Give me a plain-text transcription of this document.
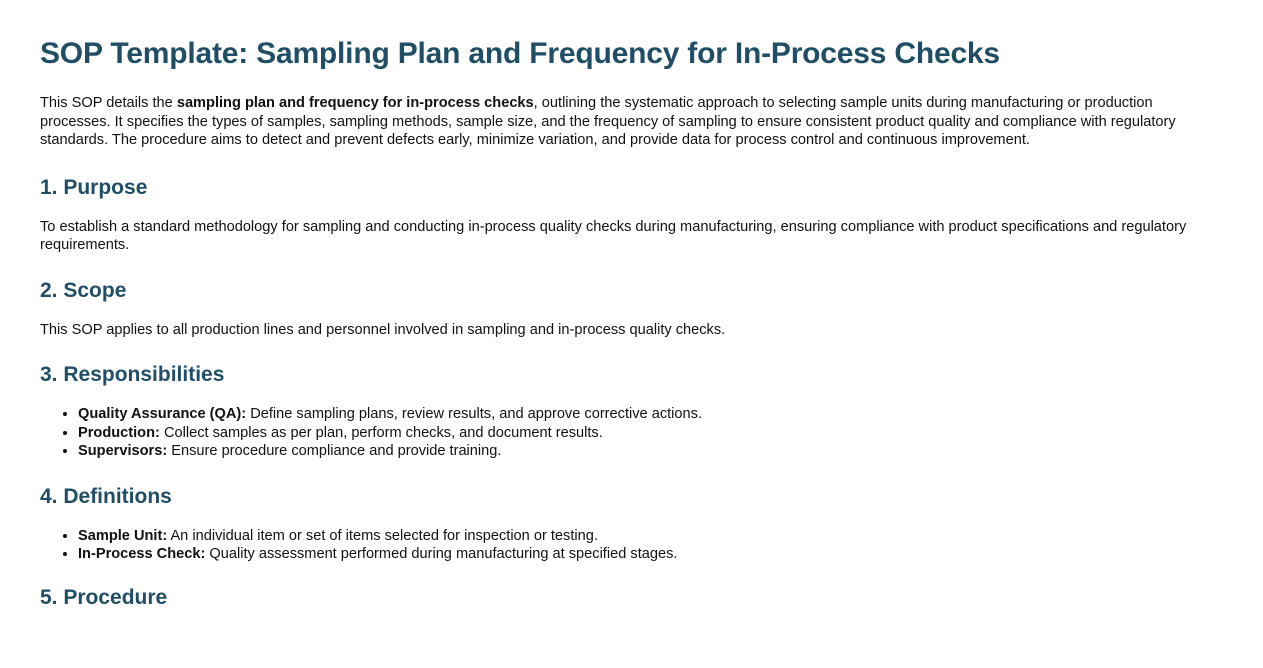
SOP Template: Sampling Plan and Frequency for In-Process Checks

This SOP details the sampling plan and frequency for in-process checks, outlining the systematic approach to selecting sample units during manufacturing or production processes. It specifies the types of samples, sampling methods, sample size, and the frequency of sampling to ensure consistent product quality and compliance with regulatory standards. The procedure aims to detect and prevent defects early, minimize variation, and provide data for process control and continuous improvement.

1. Purpose

To establish a standard methodology for sampling and conducting in-process quality checks during manufacturing, ensuring compliance with product specifications and regulatory requirements.

2. Scope

This SOP applies to all production lines and personnel involved in sampling and in-process quality checks.

3. Responsibilities
• Quality Assurance (QA): Define sampling plans, review results, and approve corrective actions.
• Production: Collect samples as per plan, perform checks, and document results.
• Supervisors: Ensure procedure compliance and provide training.
4. Definitions
• Sample Unit: An individual item or set of items selected for inspection or testing.
• In-Process Check: Quality assessment performed during manufacturing at specified stages.
5. Procedure
